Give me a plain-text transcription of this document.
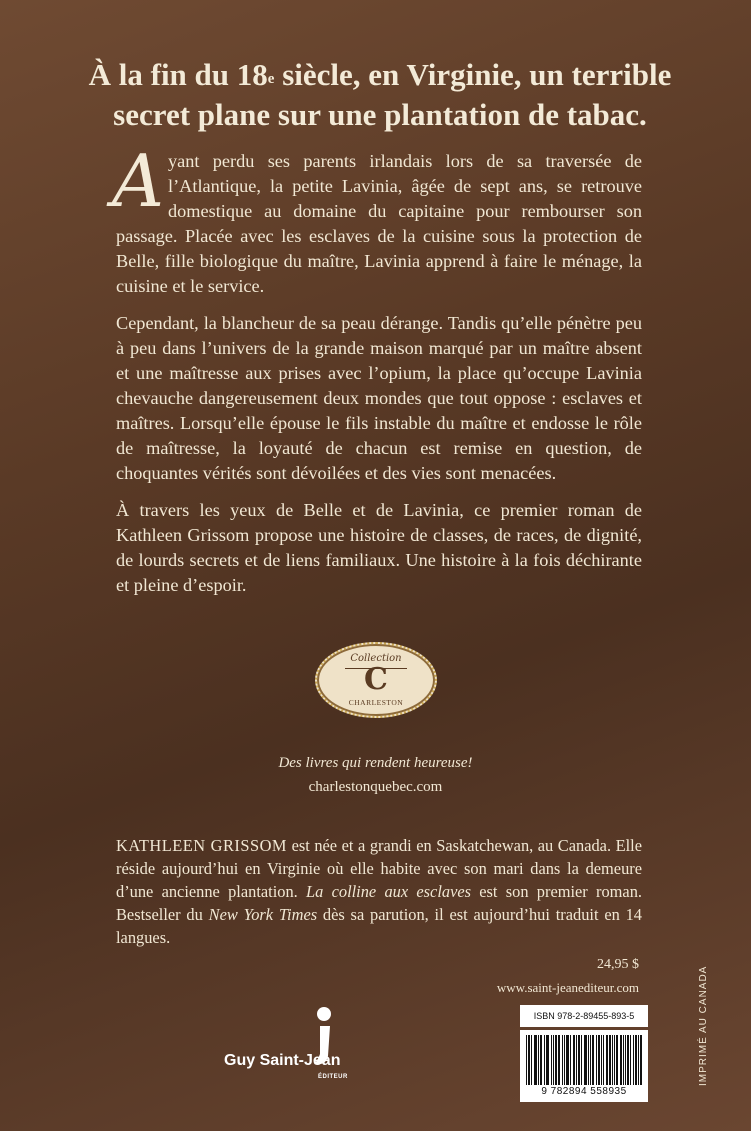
À la fin du 18e siècle, en Virginie, un terrible
secret plane sur une plantation de tabac.

Ayant perdu ses parents irlandais lors de sa traversée de l’Atlantique, la petite Lavinia, âgée de sept ans, se retrouve domestique au domaine du capitaine pour rembourser son passage. Placée avec les esclaves de la cuisine sous la protection de Belle, fille biologique du maître, Lavinia apprend à faire le ménage, la cuisine et le service.

Cependant, la blancheur de sa peau dérange. Tandis qu’elle pénètre peu à peu dans l’univers de la grande maison marqué par un maître absent et une maîtresse aux prises avec l’opium, la place qu’occupe Lavinia chevauche dangereusement deux mondes que tout oppose : esclaves et maîtres. Lorsqu’elle épouse le fils instable du maître et endosse le rôle de maîtresse, la loyauté de chacun est remise en question, de choquantes vérités sont dévoilées et des vies sont menacées.

À travers les yeux de Belle et de Lavinia, ce premier roman de Kathleen Grissom propose une histoire de classes, de races, de dignité, de lourds secrets et de liens familiaux. Une histoire à la fois déchirante et pleine d’espoir.

Collection
C
CHARLESTON
Des livres qui rendent heureuse!
charlestonquebec.com
KATHLEEN GRISSOM est née et a grandi en Saskatchewan, au Canada. Elle réside aujourd’hui en Virginie où elle habite avec son mari dans la demeure d’une ancienne plantation. La colline aux esclaves est son premier roman. Bestseller du New York Times dès sa parution, il est aujourd’hui traduit en 14 langues.
24,95 $
www.saint-jeanediteur.com
ISBN 978-2-89455-893-5
9 782894 558935
Guy Saint-Jean
ÉDITEUR	IMPRIMÉ AU CANADA
